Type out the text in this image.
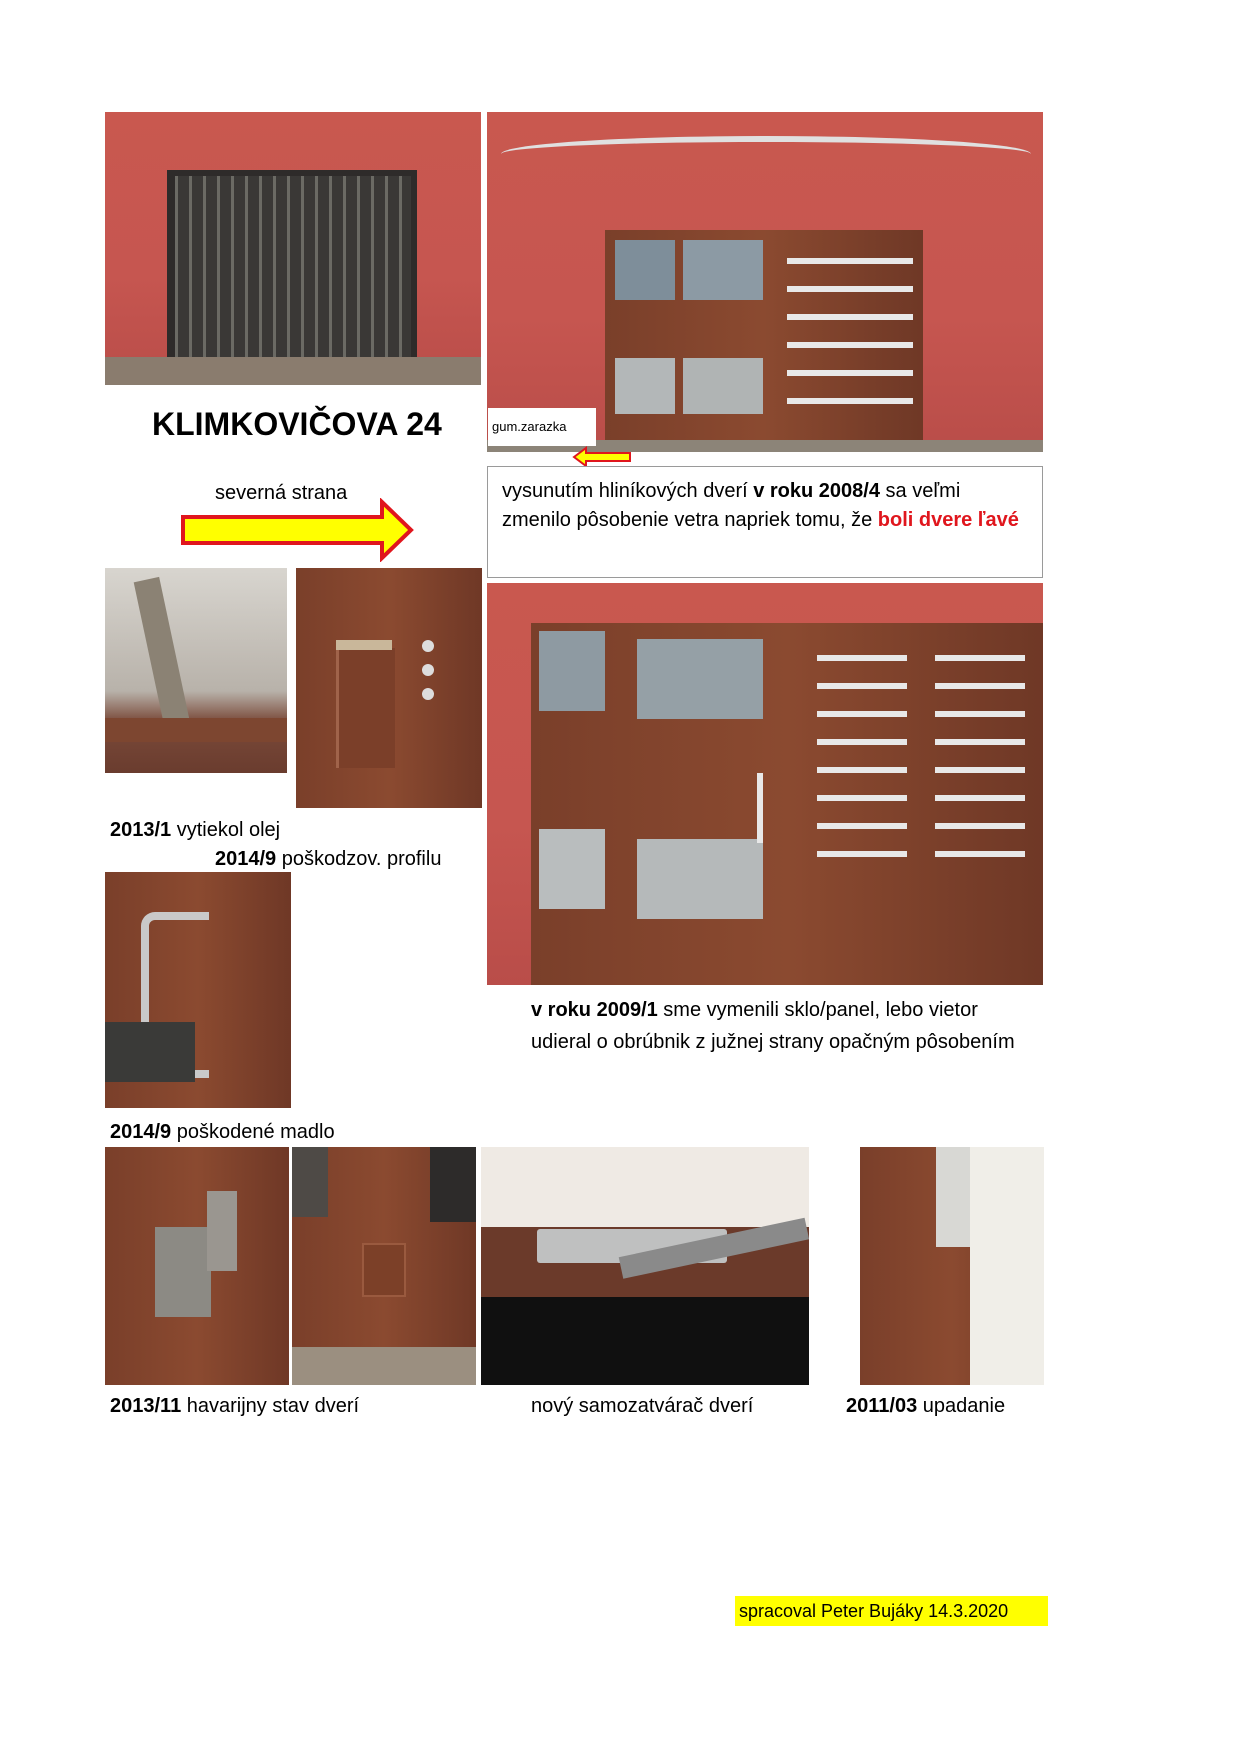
gum.zarazka
KLIMKOVIČOVA 24
severná strana	vysunutím hliníkových dverí v roku 2008/4 sa veľmi zmenilo pôsobenie vetra napriek tomu, že boli dvere ľavé
2013/1 vytiekol olej
2014/9 poškodzov. profilu
v roku 2009/1 sme vymenili sklo/panel, lebo vietor
udieral o obrúbnik z južnej strany opačným pôsobením
2014/9 poškodené madlo
2013/11 havarijny stav dverí	nový samozatvárač dverí	2011/03 upadanie
spracoval Peter Bujáky 14.3.2020
